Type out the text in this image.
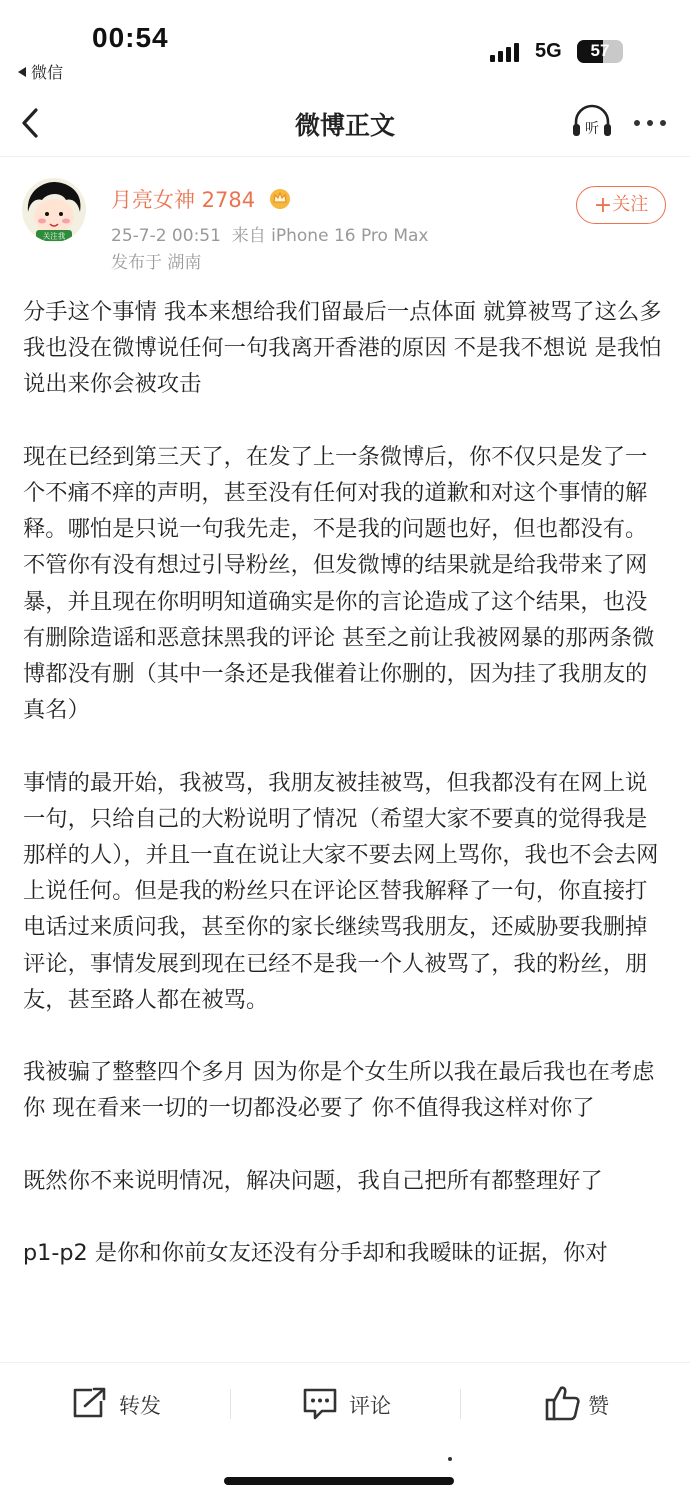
00:54
微信
5G	57
微博正文	听
关注我
月亮女神 2784
25-7-2 00:51 来自 iPhone 16 Pro Max
发布于 湖南
+关注

分手这个事情 我本来想给我们留最后一点体面 就算被骂了这么多 我也没在微博说任何一句我离开香港的原因 不是我不想说 是我怕说出来你会被攻击

现在已经到第三天了，在发了上一条微博后，你不仅只是发了一个不痛不痒的声明，甚至没有任何对我的道歉和对这个事情的解释。哪怕是只说一句我先走，不是我的问题也好，但也都没有。不管你有没有想过引导粉丝，但发微博的结果就是给我带来了网暴，并且现在你明明知道确实是你的言论造成了这个结果，也没有删除造谣和恶意抹黑我的评论 甚至之前让我被网暴的那两条微博都没有删（其中一条还是我催着让你删的，因为挂了我朋友的真名）

事情的最开始，我被骂，我朋友被挂被骂，但我都没有在网上说一句，只给自己的大粉说明了情况（希望大家不要真的觉得我是那样的人），并且一直在说让大家不要去网上骂你，我也不会去网上说任何。但是我的粉丝只在评论区替我解释了一句，你直接打电话过来质问我，甚至你的家长继续骂我朋友，还威胁要我删掉评论，事情发展到现在已经不是我一个人被骂了，我的粉丝，朋友，甚至路人都在被骂。

我被骗了整整四个多月 因为你是个女生所以我在最后我也在考虑你 现在看来一切的一切都没必要了 你不值得我这样对你了

既然你不来说明情况，解决问题，我自己把所有都整理好了

p1-p2 是你和你前女友还没有分手却和我暧昧的证据，你对

转发	评论	赞
